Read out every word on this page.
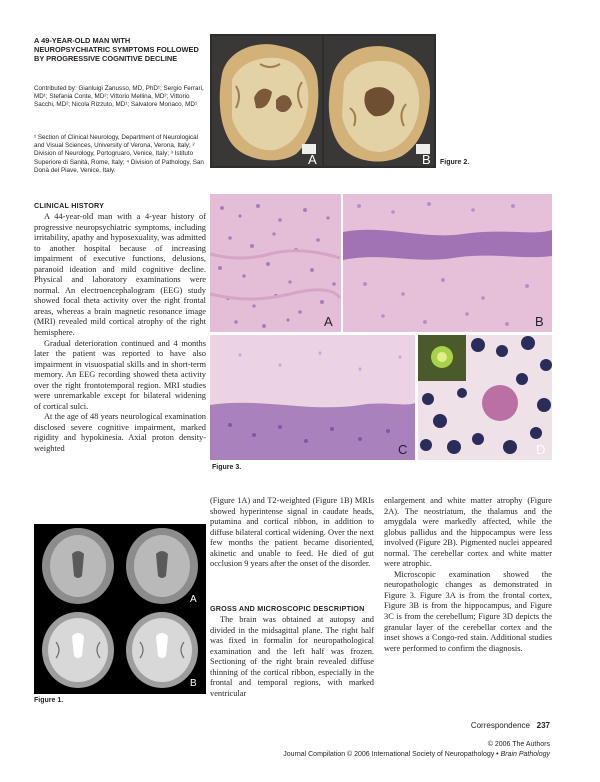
A 49-YEAR-OLD MAN WITH NEUROPSYCHIATRIC SYMPTOMS FOLLOWED BY PROGRESSIVE COGNITIVE DECLINE
Contributed by: Gianluigi Zanusso, MD, PhD¹; Sergio Ferrari, MD¹; Stefania Conte, MD²; Vittorio Mellina, MD²; Vittorio Sacchi, MD²; Nicola Rizzuto, MD¹; Salvatore Monaco, MD¹
¹ Section of Clinical Neurology, Department of Neurological and Visual Sciences, University of Verona, Verona, Italy; ² Division of Neurology, Portogruaro, Venice, Italy; ³ Istituto Superiore di Sanità, Rome, Italy; ⁴ Division of Pathology, San Donà del Piave, Venice, Italy.
A	B Figure 2.
CLINICAL HISTORY

A 44-year-old man with a 4-year history of progressive neuropsychiatric symptoms, including irritability, apathy and hyposexuality, was admitted to another hospital because of increasing impairment of executive functions, delusions, paranoid ideation and mild cognitive decline. Physical and laboratory examinations were normal. An electroencephalogram (EEG) study showed focal theta activity over the right frontal areas, whereas a brain magnetic resonance image (MRI) revealed mild cortical atrophy of the right hemisphere.

Gradual deterioration continued and 4 months later the patient was reported to have also impairment in visuospatial skills and in short-term memory. An EEG recording showed theta activity over the right frontotemporal region. MRI studies were unremarkable except for bilateral widening of cortical sulci.

At the age of 48 years neurological examination disclosed severe cognitive impairment, marked rigidity and hypokinesia. Axial proton density-weighted

A	B
C	D
Figure 3.
A
B
Figure 1.

(Figure 1A) and T2-weighted (Figure 1B) MRIs showed hyperintense signal in caudate heads, putamina and cortical ribbon, in addition to diffuse bilateral cortical widening. Over the next few months the patient became disoriented, akinetic and unable to feed. He died of gut occlusion 9 years after the onset of the disorder.

GROSS AND MICROSCOPIC DESCRIPTION

The brain was obtained at autopsy and divided in the midsagittal plane. The right half was fixed in formalin for neuropathological examination and the left half was frozen. Sectioning of the right brain revealed diffuse thinning of the cortical ribbon, especially in the frontal and temporal regions, with marked ventricular

enlargement and white matter atrophy (Figure 2A). The neostriatum, the thalamus and the amygdala were markedly affected, while the globus pallidus and the hippocampus were less involved (Figure 2B). Pigmented nuclei appeared normal. The cerebellar cortex and white matter were atrophic.

Microscopic examination showed the neuropathologic changes as demonstrated in Figure 3. Figure 3A is from the frontal cortex, Figure 3B is from the hippocampus, and Figure 3C is from the cerebellum; Figure 3D depicts the granular layer of the cerebellar cortex and the inset shows a Congo-red stain. Additional studies were performed to confirm the diagnosis.

Correspondence 237
© 2006 The Authors
Journal Compilation © 2006 International Society of Neuropathology • Brain Pathology
